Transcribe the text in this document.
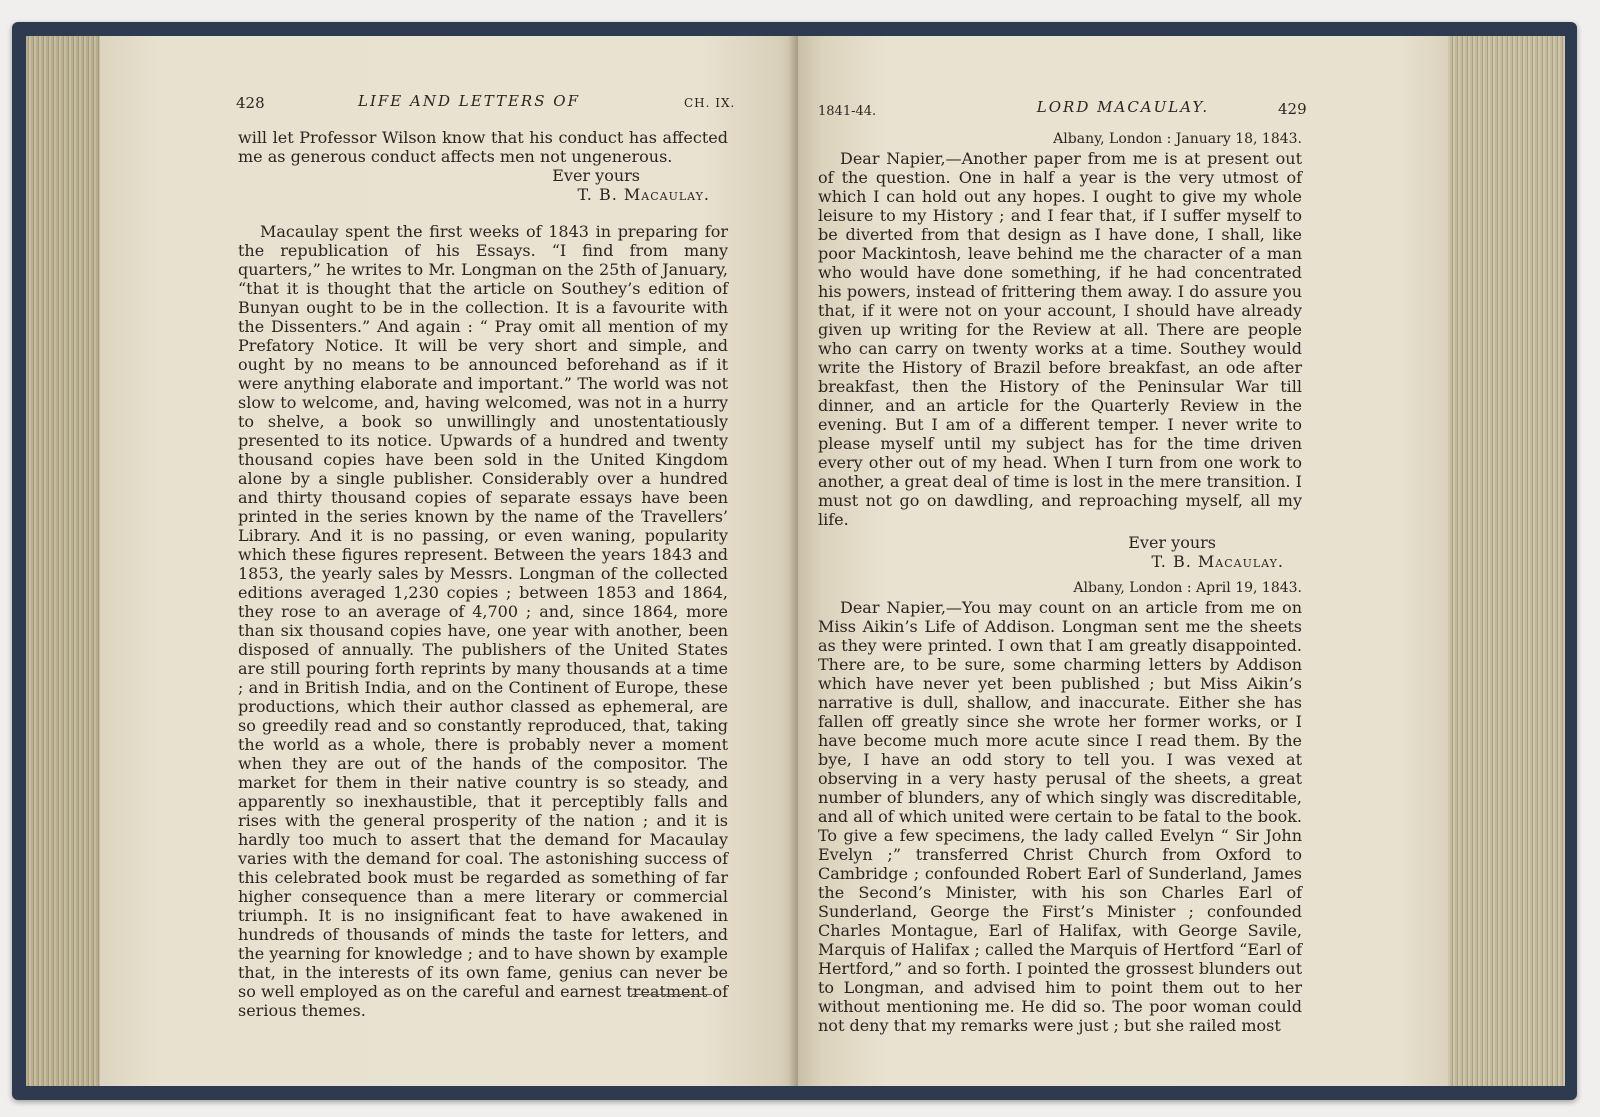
428	LIFE AND LETTERS OF	CH. IX.

will let Professor Wilson know that his conduct has affected me as generous conduct affects men not ungenerous.

Ever yours

T. B. Macaulay.

Macaulay spent the first weeks of 1843 in preparing for the republication of his Essays. “I find from many quarters,” he writes to Mr. Longman on the 25th of January, “that it is thought that the article on Southey’s edition of Bunyan ought to be in the collection. It is a favourite with the Dissenters.” And again : “ Pray omit all mention of my Prefatory Notice. It will be very short and simple, and ought by no means to be announced beforehand as if it were anything elaborate and important.” The world was not slow to welcome, and, having welcomed, was not in a hurry to shelve, a book so unwillingly and unostentatiously presented to its notice. Upwards of a hundred and twenty thousand copies have been sold in the United Kingdom alone by a single publisher. Considerably over a hundred and thirty thousand copies of separate essays have been printed in the series known by the name of the Travellers’ Library. And it is no passing, or even waning, popularity which these figures represent. Between the years 1843 and 1853, the yearly sales by Messrs. Longman of the collected editions averaged 1,230 copies ; between 1853 and 1864, they rose to an average of 4,700 ; and, since 1864, more than six thousand copies have, one year with another, been disposed of annually. The publishers of the United States are still pouring forth reprints by many thousands at a time ; and in British India, and on the Continent of Europe, these productions, which their author classed as ephemeral, are so greedily read and so constantly reproduced, that, taking the world as a whole, there is probably never a moment when they are out of the hands of the compositor. The market for them in their native country is so steady, and apparently so inexhaustible, that it perceptibly falls and rises with the general prosperity of the nation ; and it is hardly too much to assert that the demand for Macaulay varies with the demand for coal. The astonishing success of this celebrated book must be regarded as something of far higher consequence than a mere literary or commercial triumph. It is no insignificant feat to have awakened in hundreds of thousands of minds the taste for letters, and the yearning for knowledge ; and to have shown by example that, in the interests of its own fame, genius can never be so well employed as on the careful and earnest treatment of serious themes.

1841-44.	LORD MACAULAY.	429

Albany, London : January 18, 1843.

Dear Napier,—Another paper from me is at present out of the question. One in half a year is the very utmost of which I can hold out any hopes. I ought to give my whole leisure to my History ; and I fear that, if I suffer myself to be diverted from that design as I have done, I shall, like poor Mackintosh, leave behind me the character of a man who would have done something, if he had concentrated his powers, instead of frittering them away. I do assure you that, if it were not on your account, I should have already given up writing for the Review at all. There are people who can carry on twenty works at a time. Southey would write the History of Brazil before breakfast, an ode after breakfast, then the History of the Peninsular War till dinner, and an article for the Quarterly Review in the evening. But I am of a different temper. I never write to please myself until my subject has for the time driven every other out of my head. When I turn from one work to another, a great deal of time is lost in the mere transition. I must not go on dawdling, and reproaching myself, all my life.

Ever yours

T. B. Macaulay.

Albany, London : April 19, 1843.

Dear Napier,—You may count on an article from me on Miss Aikin’s Life of Addison. Longman sent me the sheets as they were printed. I own that I am greatly disappointed. There are, to be sure, some charming letters by Addison which have never yet been published ; but Miss Aikin’s narrative is dull, shallow, and inaccurate. Either she has fallen off greatly since she wrote her former works, or I have become much more acute since I read them. By the bye, I have an odd story to tell you. I was vexed at observing in a very hasty perusal of the sheets, a great number of blunders, any of which singly was discreditable, and all of which united were certain to be fatal to the book. To give a few specimens, the lady called Evelyn “ Sir John Evelyn ;” transferred Christ Church from Oxford to Cambridge ; confounded Robert Earl of Sunderland, James the Second’s Minister, with his son Charles Earl of Sunderland, George the First’s Minister ; confounded Charles Montague, Earl of Halifax, with George Savile, Marquis of Halifax ; called the Marquis of Hertford “Earl of Hertford,” and so forth. I pointed the grossest blunders out to Longman, and advised him to point them out to her without mentioning me. He did so. The poor woman could not deny that my remarks were just ; but she railed most
